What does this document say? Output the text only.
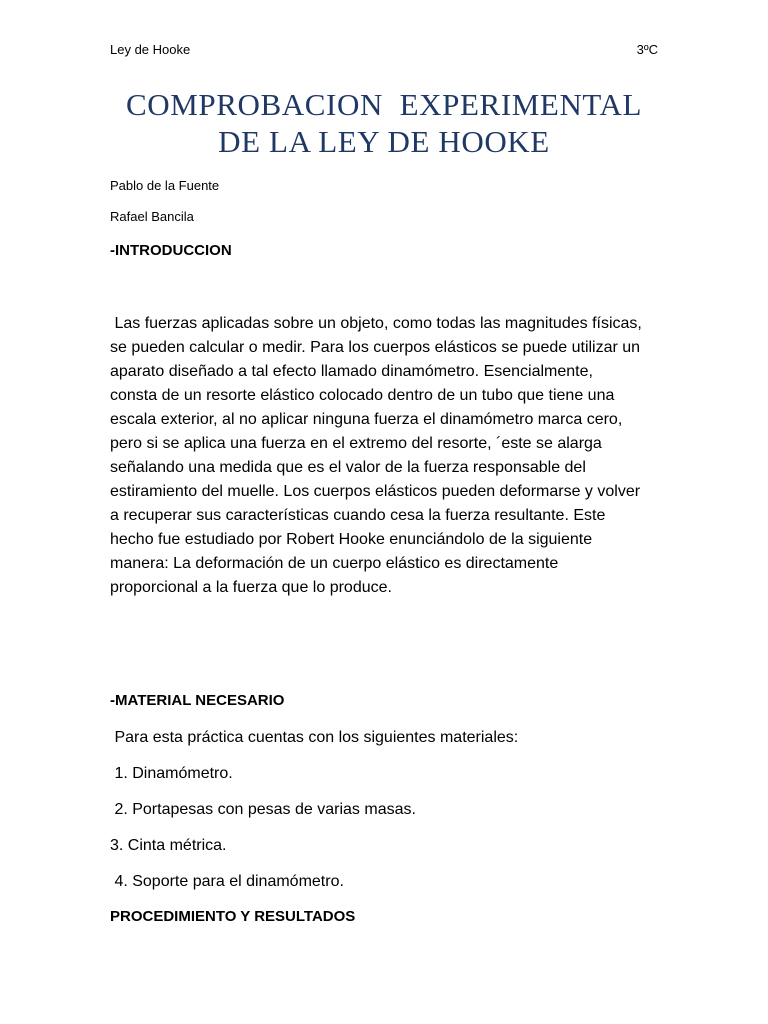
Ley de Hooke	3ºC
COMPROBACION  EXPERIMENTAL
DE LA LEY DE HOOKE
Pablo de la Fuente
Rafael Bancila
-INTRODUCCION
Las fuerzas aplicadas sobre un objeto, como todas las magnitudes físicas,
se pueden calcular o medir. Para los cuerpos elásticos se puede utilizar un
aparato diseñado a tal efecto llamado dinamómetro. Esencialmente,
consta de un resorte elástico colocado dentro de un tubo que tiene una
escala exterior, al no aplicar ninguna fuerza el dinamómetro marca cero,
pero si se aplica una fuerza en el extremo del resorte, ´este se alarga
señalando una medida que es el valor de la fuerza responsable del
estiramiento del muelle. Los cuerpos elásticos pueden deformarse y volver
a recuperar sus características cuando cesa la fuerza resultante. Este
hecho fue estudiado por Robert Hooke enunciándolo de la siguiente
manera: La deformación de un cuerpo elástico es directamente
proporcional a la fuerza que lo produce.
-MATERIAL NECESARIO
Para esta práctica cuentas con los siguientes materiales:
1. Dinamómetro.
2. Portapesas con pesas de varias masas.
3. Cinta métrica.
4. Soporte para el dinamómetro.
PROCEDIMIENTO Y RESULTADOS
